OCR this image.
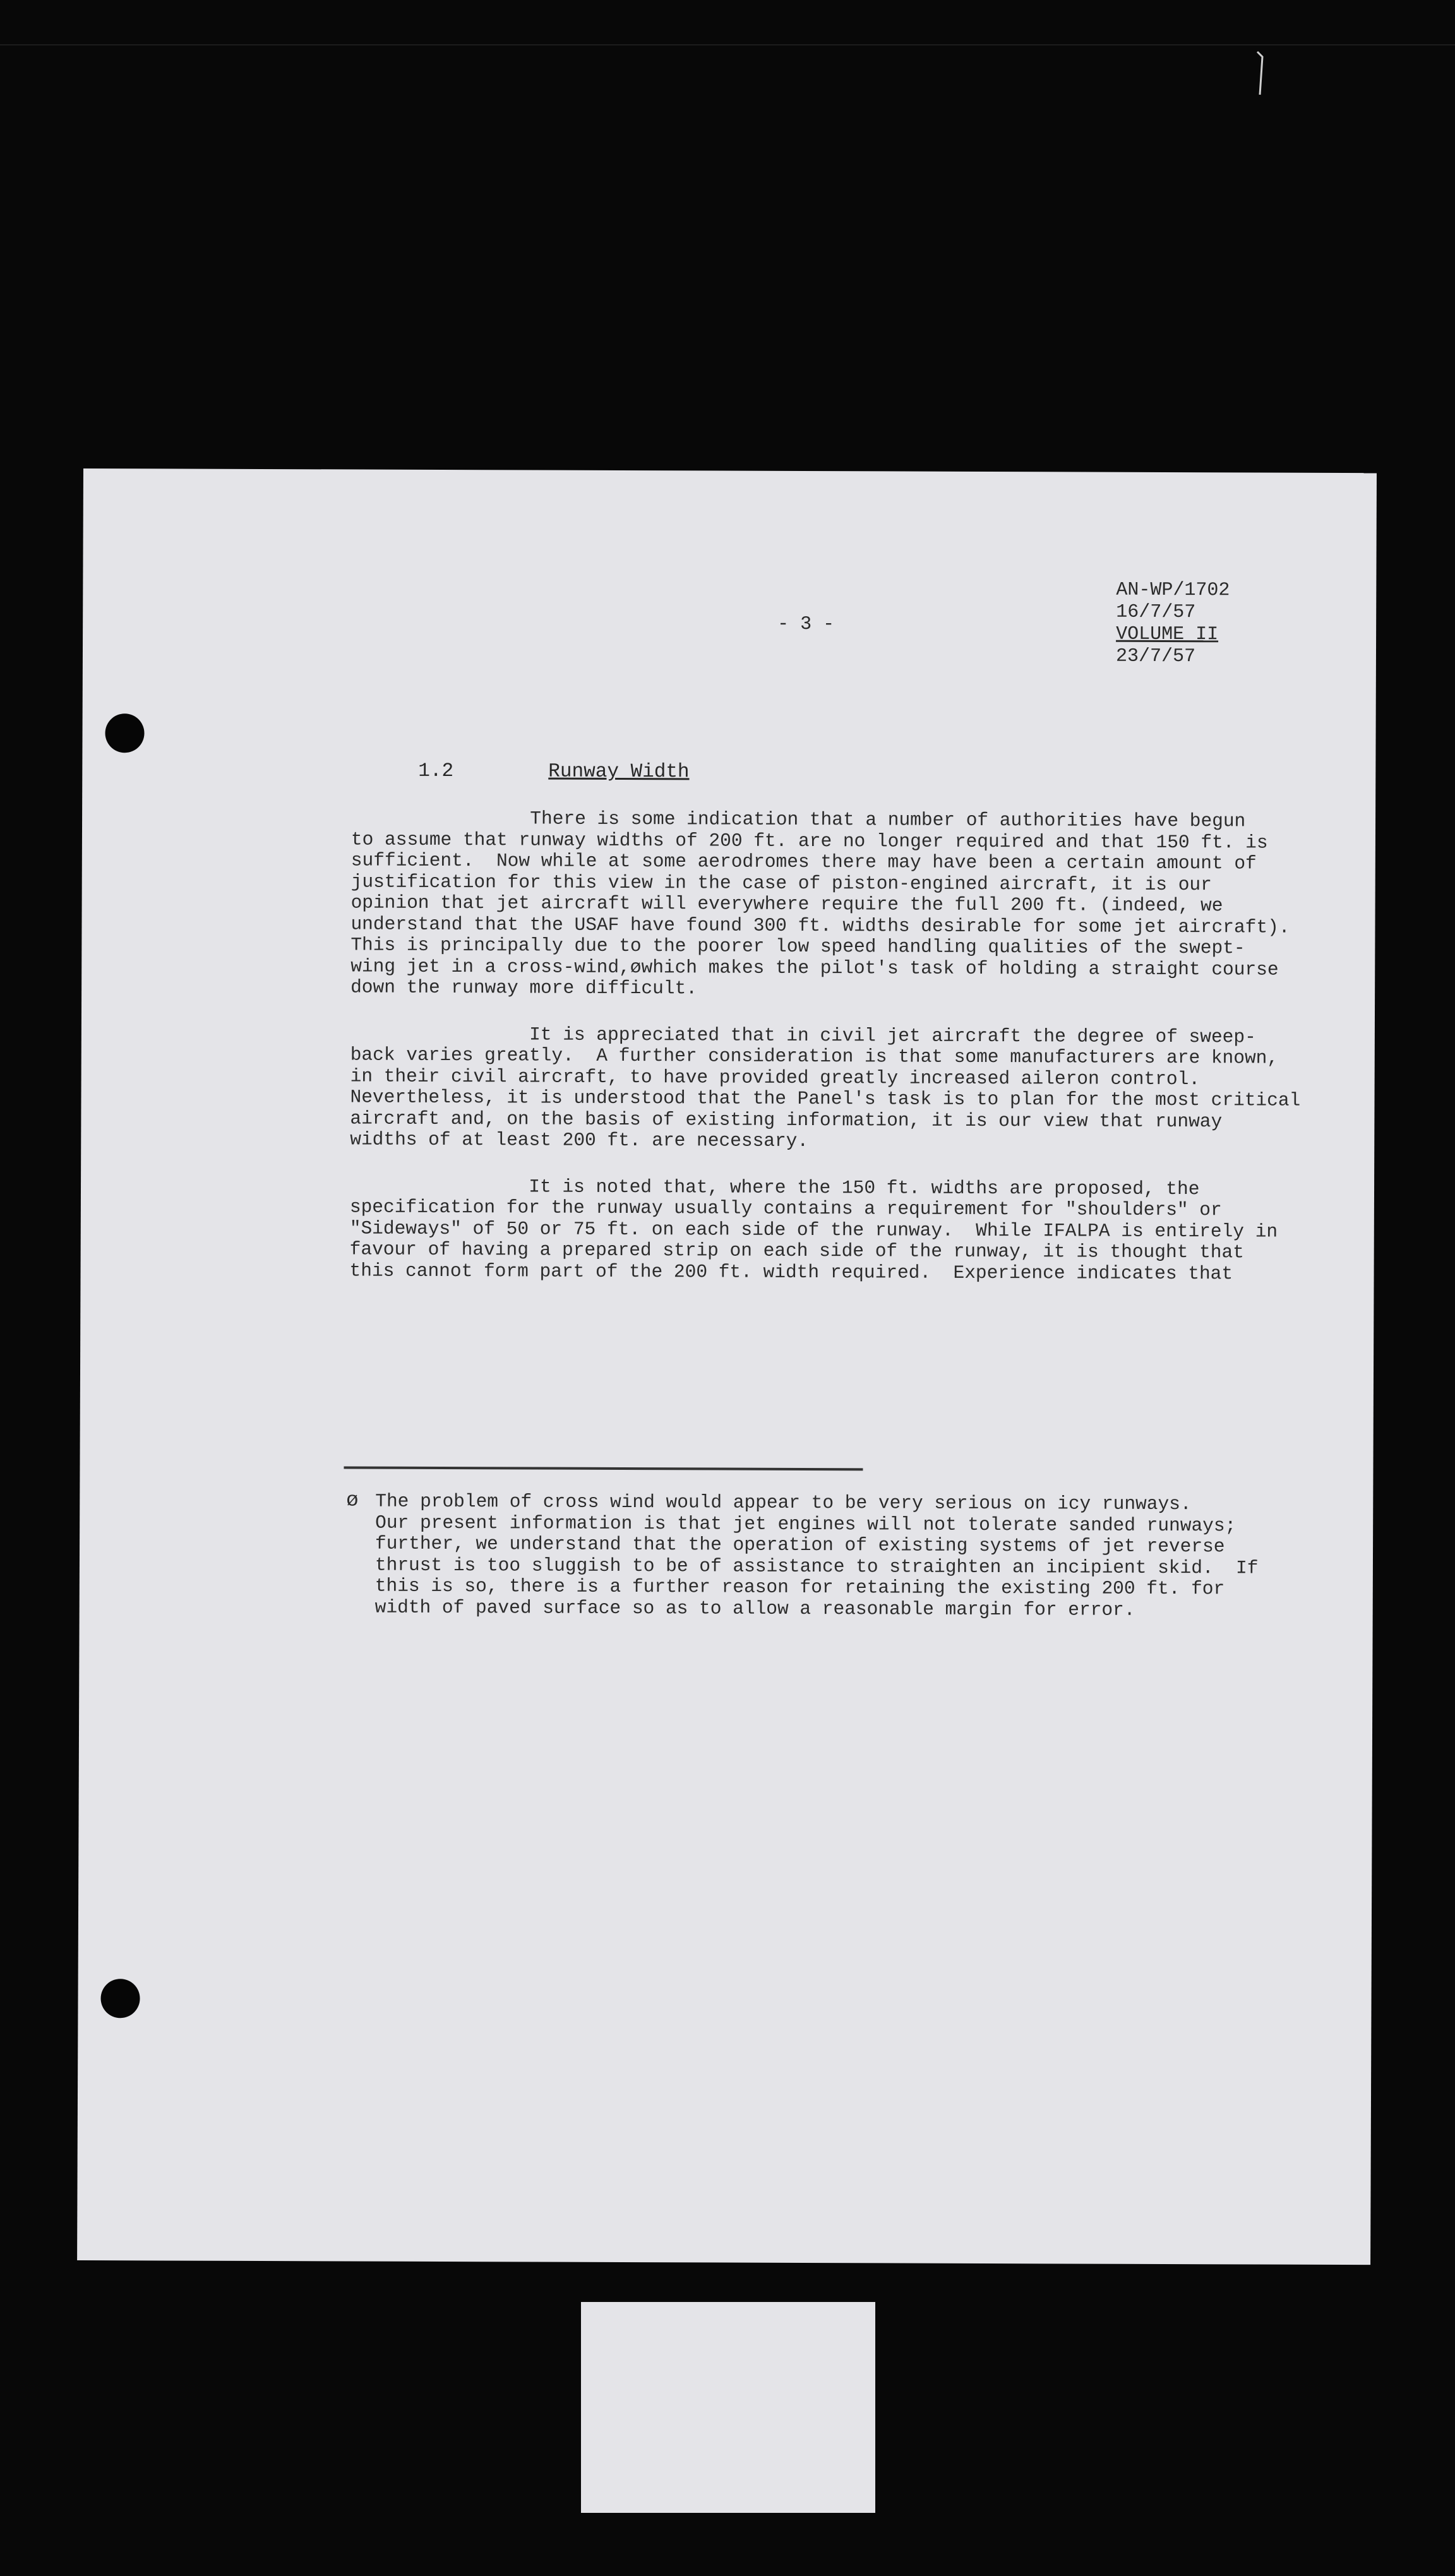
AN-WP/1702
16/7/57
VOLUME II
23/7/57
- 3 -
1.2	Runway Width
There is some indication that a number of authorities have begun
to assume that runway widths of 200 ft. are no longer required and that 150 ft. is
sufficient.  Now while at some aerodromes there may have been a certain amount of
justification for this view in the case of piston-engined aircraft, it is our
opinion that jet aircraft will everywhere require the full 200 ft. (indeed, we
understand that the USAF have found 300 ft. widths desirable for some jet aircraft).
This is principally due to the poorer low speed handling qualities of the swept-
wing jet in a cross-wind,øwhich makes the pilot's task of holding a straight course
down the runway more difficult.
It is appreciated that in civil jet aircraft the degree of sweep-
back varies greatly.  A further consideration is that some manufacturers are known,
in their civil aircraft, to have provided greatly increased aileron control.
Nevertheless, it is understood that the Panel's task is to plan for the most critical
aircraft and, on the basis of existing information, it is our view that runway
widths of at least 200 ft. are necessary.
It is noted that, where the 150 ft. widths are proposed, the
specification for the runway usually contains a requirement for "shoulders" or
"Sideways" of 50 or 75 ft. on each side of the runway.  While IFALPA is entirely in
favour of having a prepared strip on each side of the runway, it is thought that
this cannot form part of the 200 ft. width required.  Experience indicates that
ø The problem of cross wind would appear to be very serious on icy runways.
Our present information is that jet engines will not tolerate sanded runways;
further, we understand that the operation of existing systems of jet reverse
thrust is too sluggish to be of assistance to straighten an incipient skid.  If
this is so, there is a further reason for retaining the existing 200 ft. for
width of paved surface so as to allow a reasonable margin for error.
